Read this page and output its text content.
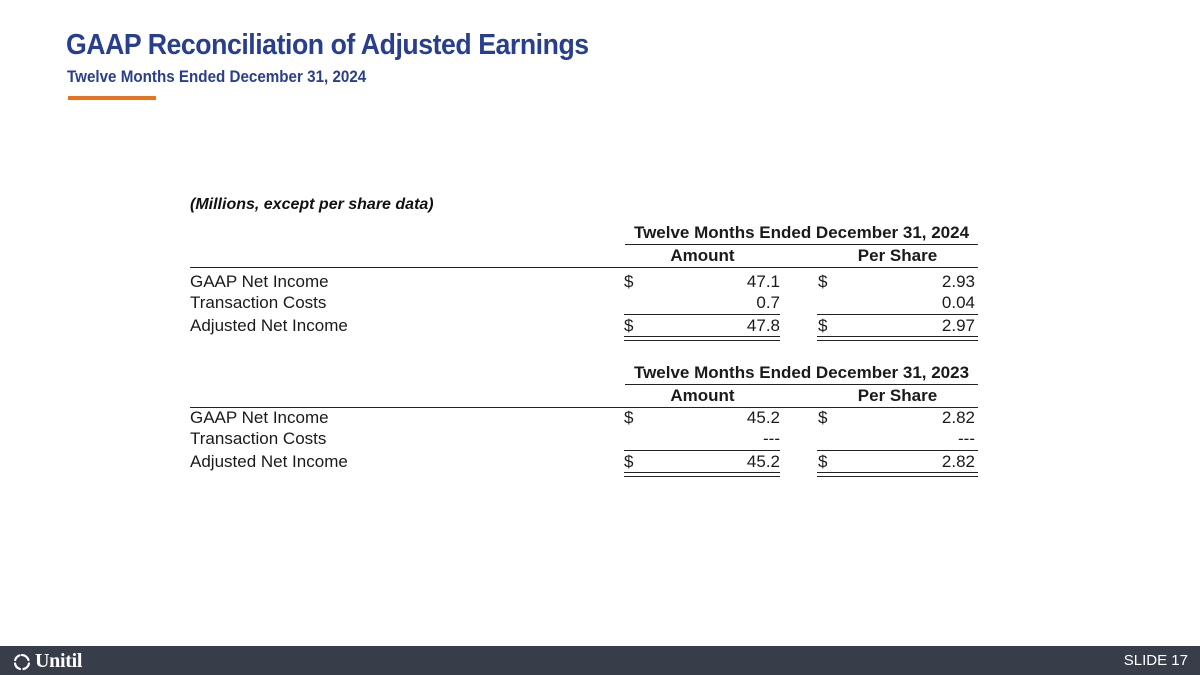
GAAP Reconciliation of Adjusted Earnings
Twelve Months Ended December 31, 2024
(Millions, except per share data)
Twelve Months Ended December 31, 2024
Amount	Per Share
GAAP Net Income	$	47.1 $	2.93
Transaction Costs	0.7	0.04
Adjusted Net Income	$	47.8 $	2.97
Twelve Months Ended December 31, 2023
Amount	Per Share
GAAP Net Income	$	45.2 $	2.82
Transaction Costs	---	---
Adjusted Net Income	$	45.2 $	2.82
Unitil	SLIDE 17
